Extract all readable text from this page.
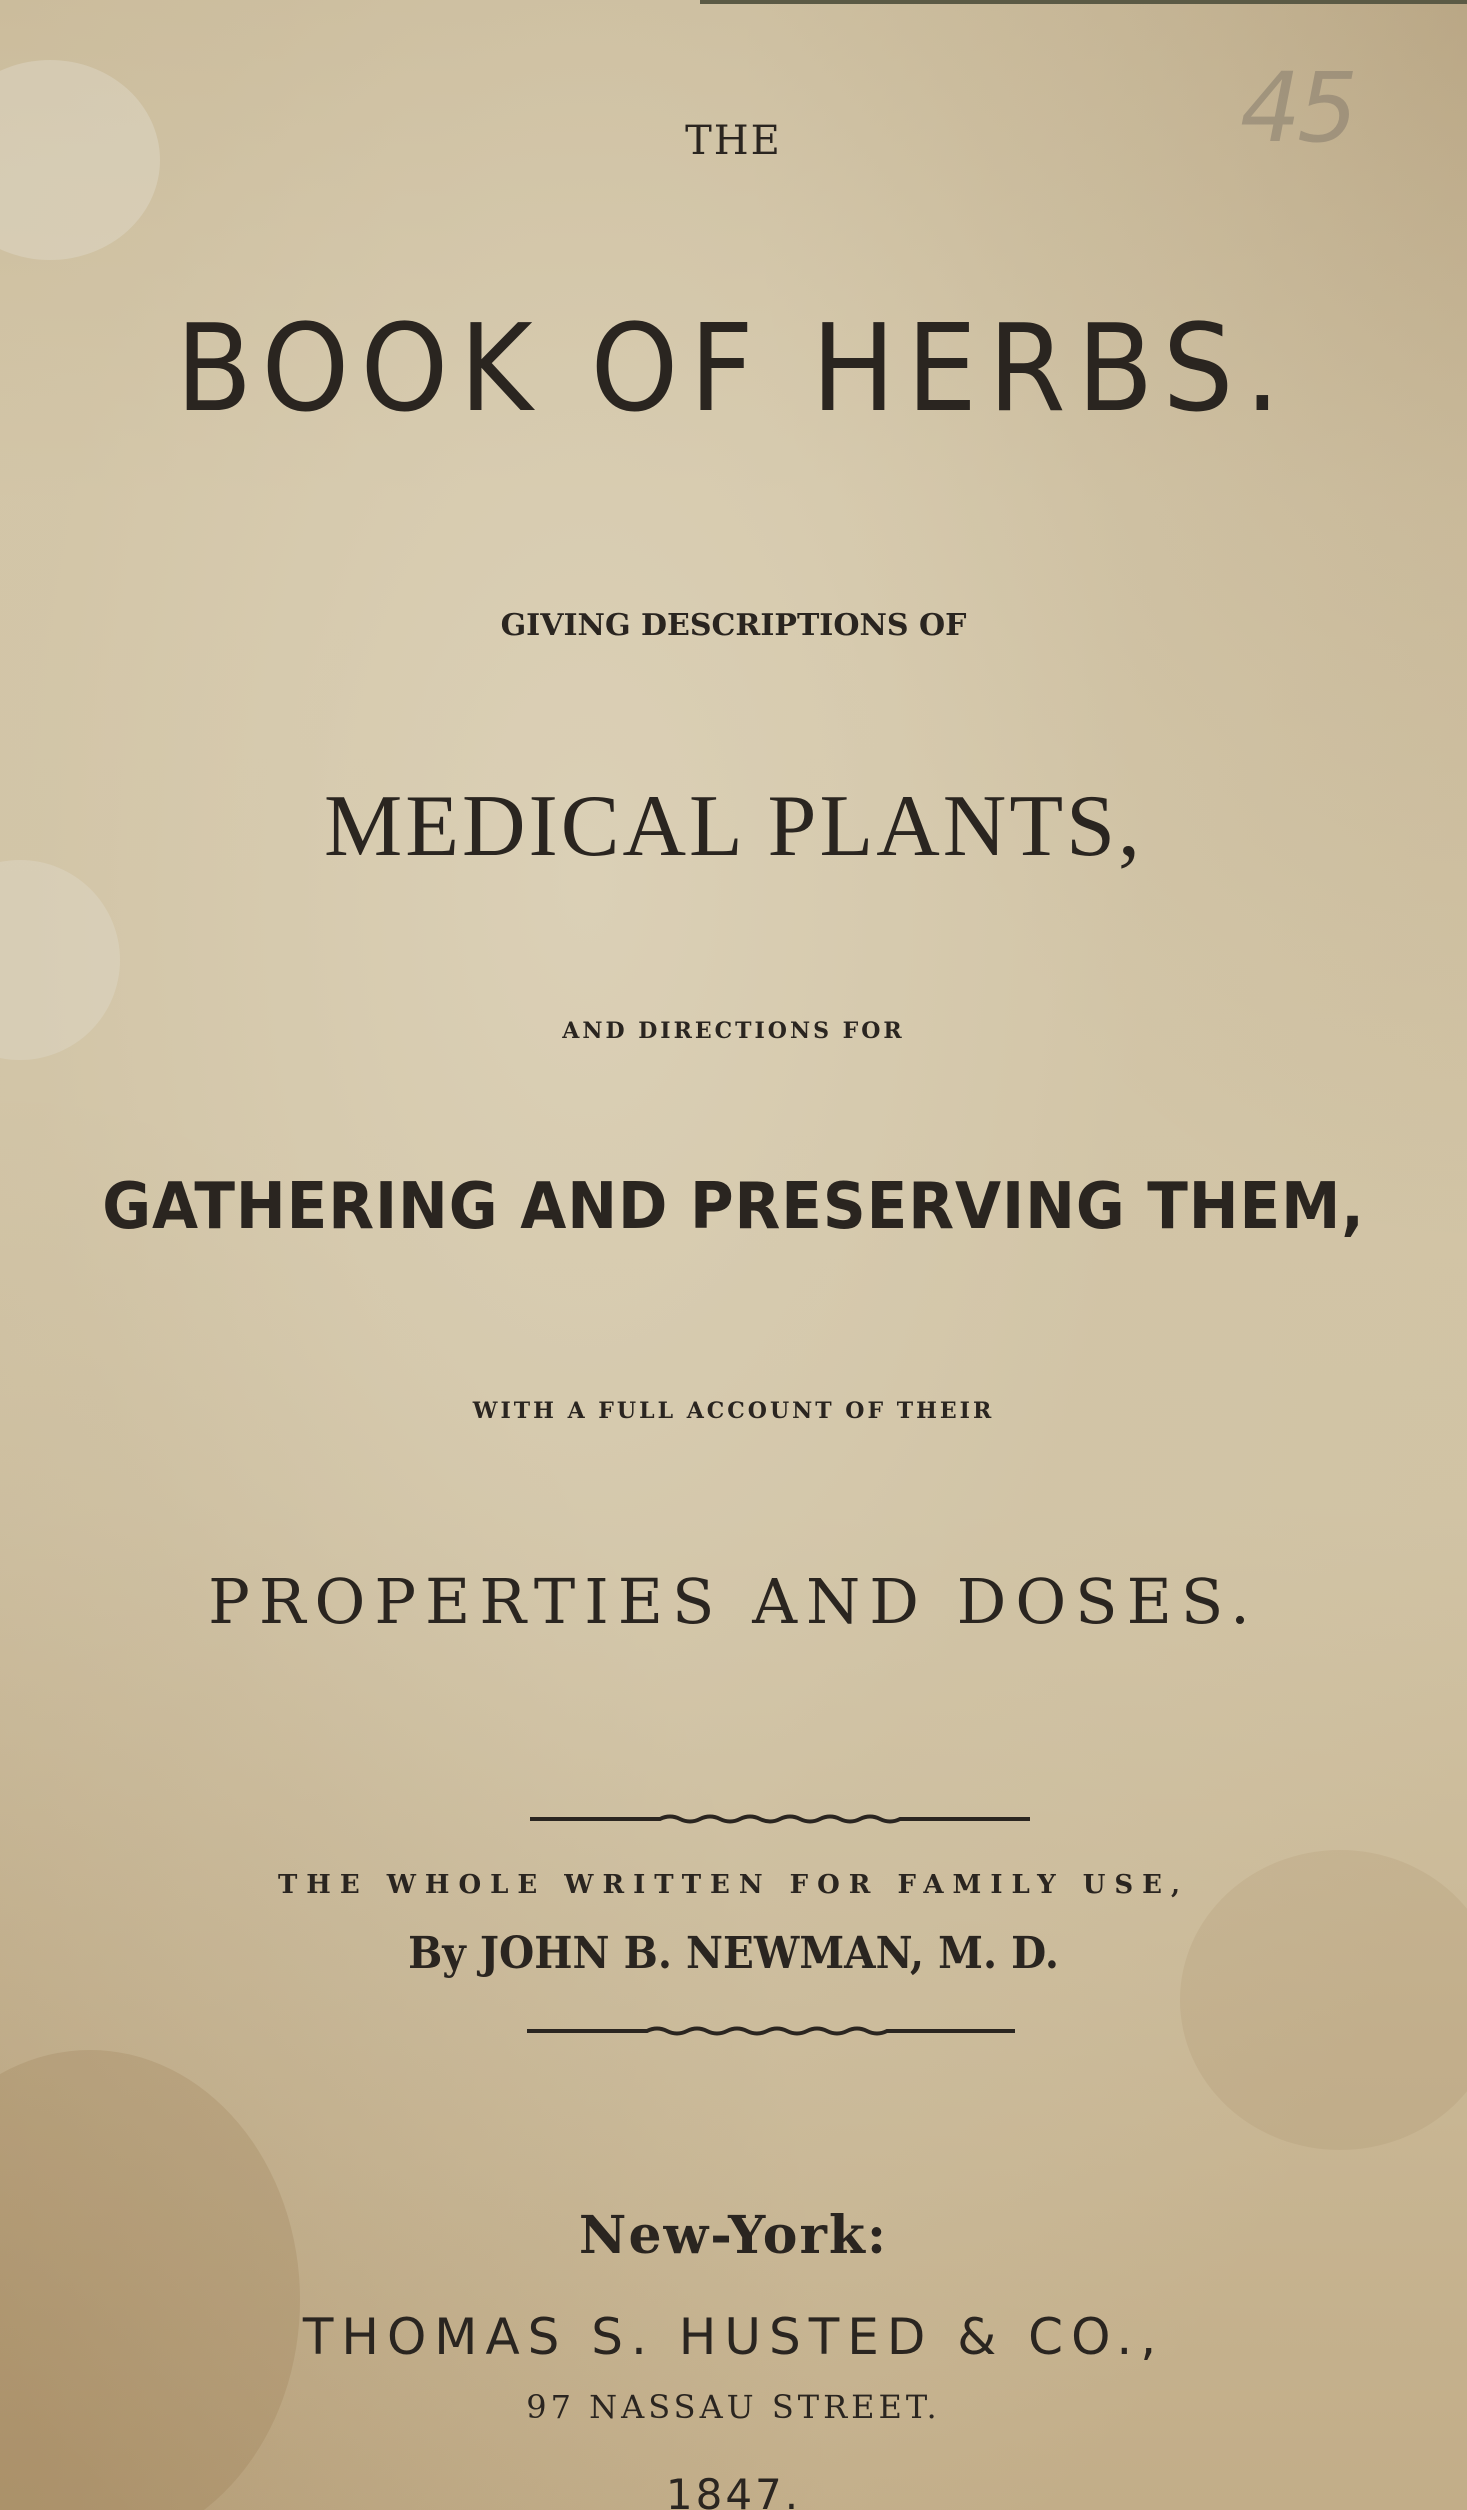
45

THE

BOOK OF HERBS.

GIVING DESCRIPTIONS OF

MEDICAL PLANTS,

AND DIRECTIONS FOR

GATHERING AND PRESERVING THEM,

WITH A FULL ACCOUNT OF THEIR

PROPERTIES AND DOSES.

THE WHOLE WRITTEN FOR FAMILY USE,

By JOHN B. NEWMAN, M. D.

New-York:

THOMAS S. HUSTED & CO.,

97 NASSAU STREET.

1847.
